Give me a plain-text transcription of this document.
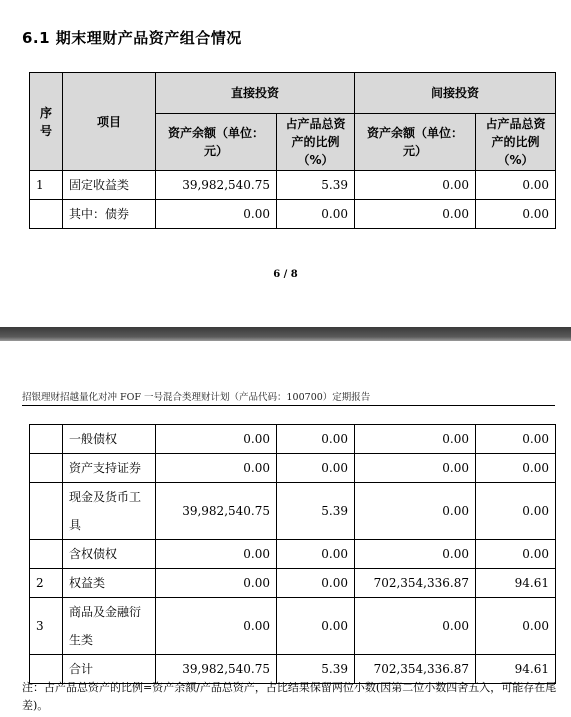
6.1 期末理财产品资产组合情况
序号	项目	直接投资		间接投资	
		资产余额（单位：元）	占产品总资产的比例（%）	资产余额（单位：元）	占产品总资产的比例（%）
1	固定收益类	39,982,540.75	5.39	0.00	0.00
	其中：债券	0.00	0.00	0.00	0.00
6 / 8
招银理财招越量化对冲 FOF 一号混合类理财计划（产品代码：100700）定期报告
	一般债权	0.00	0.00	0.00	0.00
	资产支持证券	0.00	0.00	0.00	0.00
	现金及货币工具	39,982,540.75	5.39	0.00	0.00
	含权债权	0.00	0.00	0.00	0.00
2	权益类	0.00	0.00	702,354,336.87	94.61
3	商品及金融衍生类	0.00	0.00	0.00	0.00
	合计	39,982,540.75	5.39	702,354,336.87	94.61
注：占产品总资产的比例=资产余额/产品总资产，占比结果保留两位小数(因第二位小数四舍五入，可能存在尾差)。
